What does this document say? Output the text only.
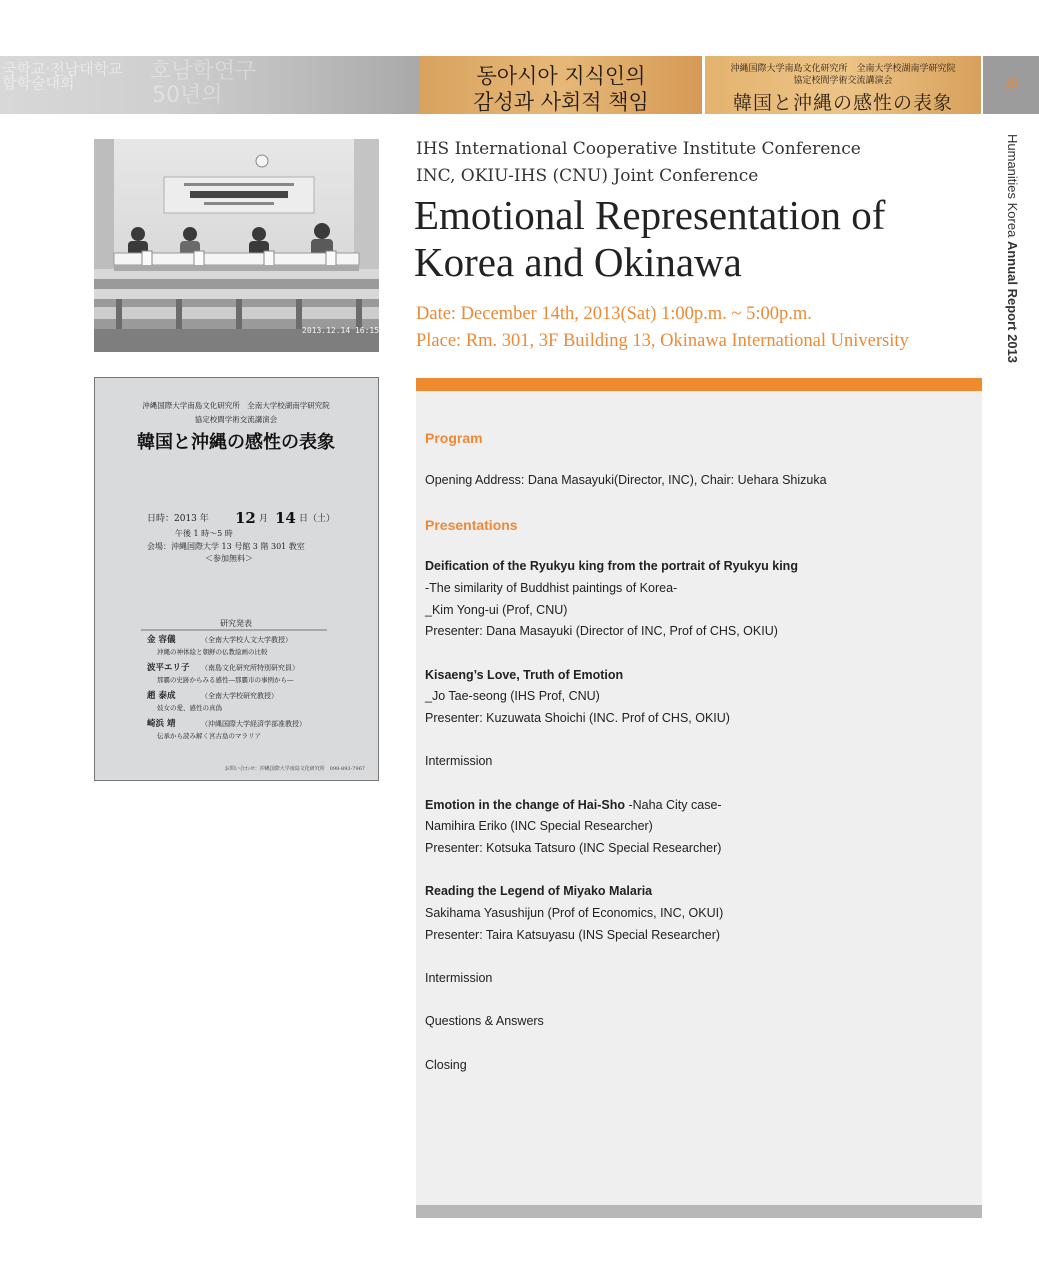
국학교·전남대학교
합학술대회	호남학연구
50년의
동아시아 지식인의
감성과 사회적 책임
沖縄国際大学南島文化研究所　全南大学校湖南学研究院
協定校間学術交流講演会
韓国と沖縄の感性の表象
15
Humanities Korea Annual Report 2013
2013.12.14 16:15
沖縄国際大学南島文化研究所　全南大学校湖南学研究院
協定校間学術交流講演会
韓国と沖縄の感性の表象
日時：2013 年 12 月 14 日（土）
午後 1 時～5 時
会場：沖縄国際大学 13 号館 3 階 301 教室
＜参加無料＞
研究発表
金 容儀	（全南大学校人文大学教授）
沖縄の神体絵と朝鮮の仏教絵画の比較
波平エリ子 （南島文化研究所特別研究員）
那覇の史跡からみる感性―那覇市の事例から―
趙 泰成	（全南大学校研究教授）
妓女の愛、感性の真偽
崎浜 靖	（沖縄国際大学経済学部准教授）
伝承から読み解く宮古島のマラリア
お問い合わせ：沖縄国際大学南島文化研究所　098-893-7967
IHS International Cooperative Institute Conference
INC, OKIU-IHS (CNU) Joint Conference
Emotional Representation of
Korea and Okinawa
Date: December 14th, 2013(Sat) 1:00p.m. ~ 5:00p.m.
Place: Rm. 301, 3F Building 13, Okinawa International University
Program
Opening Address: Dana Masayuki(Director, INC), Chair: Uehara Shizuka
Presentations
Deification of the Ryukyu king from the portrait of Ryukyu king
-The similarity of Buddhist paintings of Korea-
_Kim Yong-ui (Prof, CNU)
Presenter: Dana Masayuki (Director of INC, Prof of CHS, OKIU)
Kisaeng’s Love, Truth of Emotion
_Jo Tae-seong (IHS Prof, CNU)
Presenter: Kuzuwata Shoichi (INC. Prof of CHS, OKIU)
Intermission
Emotion in the change of Hai-Sho -Naha City case-
Namihira Eriko (INC Special Researcher)
Presenter: Kotsuka Tatsuro (INC Special Researcher)
Reading the Legend of Miyako Malaria
Sakihama Yasushijun (Prof of Economics, INC, OKUI)
Presenter: Taira Katsuyasu (INS Special Researcher)
Intermission
Questions & Answers
Closing
